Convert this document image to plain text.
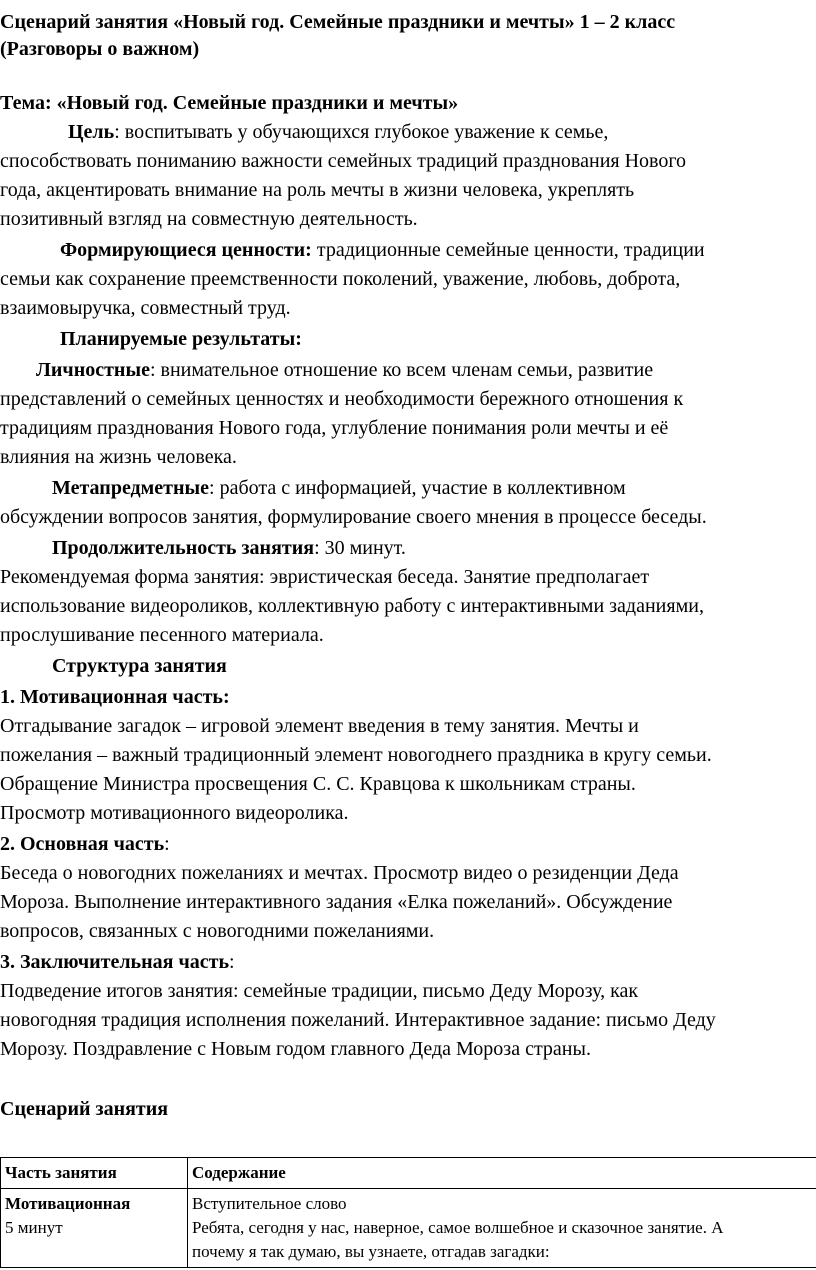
Сценарий занятия «Новый год. Семейные праздники и мечты» 1 – 2 класс
(Разговоры о важном)
Тема: «Новый год. Семейные праздники и мечты»
Цель: воспитывать у обучающихся глубокое уважение к семье,
способствовать пониманию важности семейных традиций празднования Нового
года, акцентировать внимание на роль мечты в жизни человека, укреплять
позитивный взгляд на совместную деятельность.
Формирующиеся ценности: традиционные семейные ценности, традиции
семьи как сохранение преемственности поколений, уважение, любовь, доброта,
взаимовыручка, совместный труд.
Планируемые результаты:
Личностные: внимательное отношение ко всем членам семьи, развитие
представлений о семейных ценностях и необходимости бережного отношения к
традициям празднования Нового года, углубление понимания роли мечты и её
влияния на жизнь человека.
Метапредметные: работа с информацией, участие в коллективном
обсуждении вопросов занятия, формулирование своего мнения в процессе беседы.
Продолжительность занятия: 30 минут.
Рекомендуемая форма занятия: эвристическая беседа. Занятие предполагает
использование видеороликов, коллективную работу с интерактивными заданиями,
прослушивание песенного материала.
Структура занятия
1. Мотивационная часть:
Отгадывание загадок – игровой элемент введения в тему занятия. Мечты и
пожелания – важный традиционный элемент новогоднего праздника в кругу семьи.
Обращение Министра просвещения С. С. Кравцова к школьникам страны.
Просмотр мотивационного видеоролика.
2. Основная часть:
Беседа о новогодних пожеланиях и мечтах. Просмотр видео о резиденции Деда
Мороза. Выполнение интерактивного задания «Елка пожеланий». Обсуждение
вопросов, связанных с новогодними пожеланиями.
3. Заключительная часть:
Подведение итогов занятия: семейные традиции, письмо Деду Морозу, как
новогодняя традиция исполнения пожеланий. Интерактивное задание: письмо Деду
Морозу. Поздравление с Новым годом главного Деда Мороза страны.
Сценарий занятия
Часть занятия	Содержание

Мотивационная
5 минут	Вступительное слово
Ребята, сегодня у нас, наверное, самое волшебное и сказочное занятие. А
почему я так думаю, вы узнаете, отгадав загадки:
